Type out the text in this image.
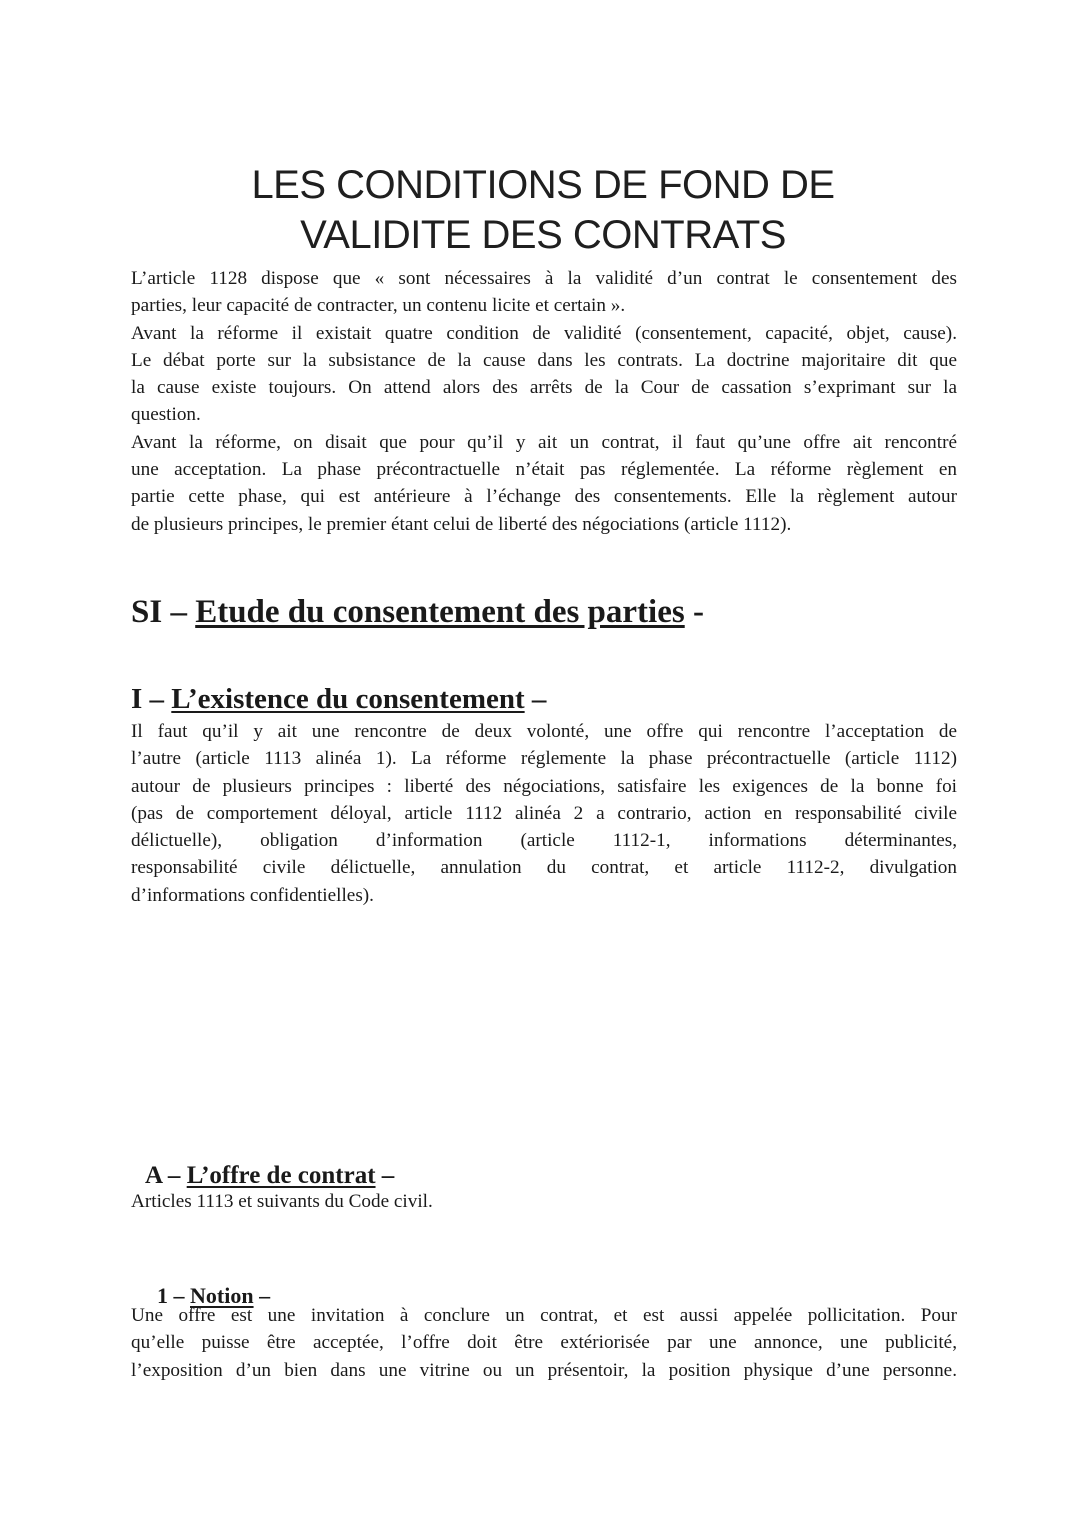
LES CONDITIONS DE FOND DE
VALIDITE DES CONTRATS
L’article 1128 dispose que « sont nécessaires à la validité d’un contrat le consentement des
parties, leur capacité de contracter, un contenu licite et certain ».
Avant la réforme il existait quatre condition de validité (consentement, capacité, objet, cause).
Le débat porte sur la subsistance de la cause dans les contrats. La doctrine majoritaire dit que
la cause existe toujours. On attend alors des arrêts de la Cour de cassation s’exprimant sur la
question.
Avant la réforme, on disait que pour qu’il y ait un contrat, il faut qu’une offre ait rencontré
une acceptation. La phase précontractuelle n’était pas réglementée. La réforme règlement en
partie cette phase, qui est antérieure à l’échange des consentements. Elle la règlement autour
de plusieurs principes, le premier étant celui de liberté des négociations (article 1112).
SI – Etude du consentement des parties -
I – L’existence du consentement –
Il faut qu’il y ait une rencontre de deux volonté, une offre qui rencontre l’acceptation de
l’autre (article 1113 alinéa 1). La réforme réglemente la phase précontractuelle (article 1112)
autour de plusieurs principes : liberté des négociations, satisfaire les exigences de la bonne foi
(pas de comportement déloyal, article 1112 alinéa 2 a contrario, action en responsabilité civile
délictuelle), obligation d’information (article 1112-1, informations déterminantes,
responsabilité civile délictuelle, annulation du contrat, et article 1112-2, divulgation
d’informations confidentielles).
A – L’offre de contrat –
Articles 1113 et suivants du Code civil.
1 – Notion –
Une offre est une invitation à conclure un contrat, et est aussi appelée pollicitation. Pour
qu’elle puisse être acceptée, l’offre doit être extériorisée par une annonce, une publicité,
l’exposition d’un bien dans une vitrine ou un présentoir, la position physique d’une personne.
